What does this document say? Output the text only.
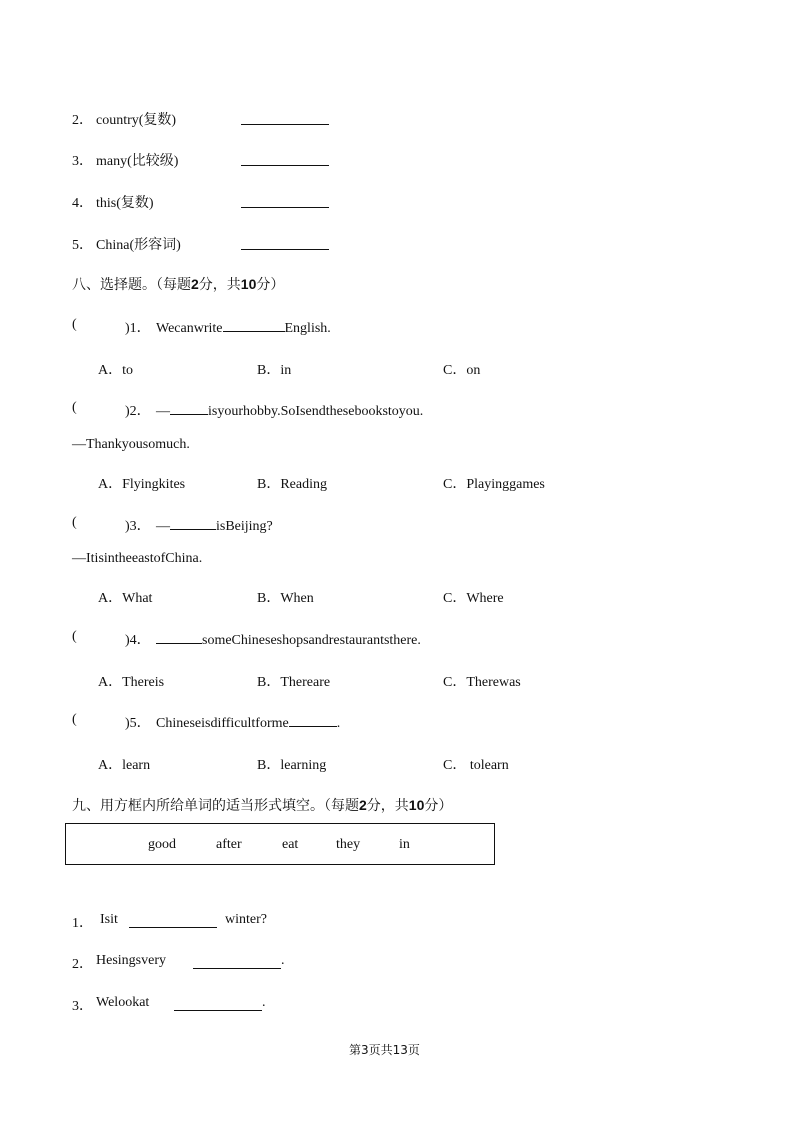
2． country(复数)
3． many(比较级)
4． this(复数)
5． China(形容词)
八、选择题。（每题2分，共10分）
(	)1． Wecanwrite	English.
A．to	B．in	C．on
(	)2． —	isyourhobby.SoIsendthesebookstoyou.
—Thankyousomuch.
A．Flyingkites	B．Reading	C．Playinggames
(	)3． —	isBeijing?
—ItisintheeastofChina.
A．What	B．When	C．Where
(	)4．	someChineseshopsandrestaurantsthere.
A．Thereis	B．Thereare	C．Therewas
(	)5． Chineseisdifficultforme	.
A．learn	B．learning	C． tolearn
九、用方框内所给单词的适当形式填空。（每题2分，共10分）
good	after	eat	they	in
1． Isit	winter?
2． Hesingsvery	.
3． Welookat	.
第3页共13页
